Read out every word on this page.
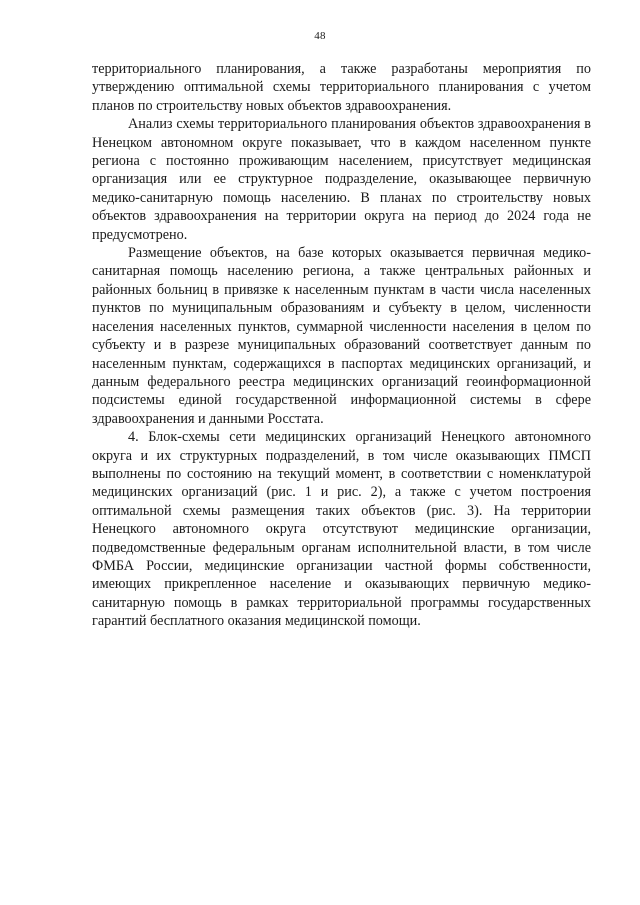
48

территориального планирования, а также разработаны мероприятия по утверждению оптимальной схемы территориального планирования с учетом планов по строительству новых объектов здравоохранения.

Анализ схемы территориального планирования объектов здравоохранения в Ненецком автономном округе показывает, что в каждом населенном пункте региона с постоянно проживающим населением, присутствует медицинская организация или ее структурное подразделение, оказывающее первичную медико-санитарную помощь населению. В планах по строительству новых объектов здравоохранения на территории округа на период до 2024 года не предусмотрено.

Размещение объектов, на базе которых оказывается первичная медико-санитарная помощь населению региона, а также центральных районных и районных больниц в привязке к населенным пунктам в части числа населенных пунктов по муниципальным образованиям и субъекту в целом, численности населения населенных пунктов, суммарной численности населения в целом по субъекту и в разрезе муниципальных образований соответствует данным по населенным пунктам, содержащихся в паспортах медицинских организаций, и данным федерального реестра медицинских организаций геоинформационной подсистемы единой государственной информационной системы в сфере здравоохранения и данными Росстата.

4. Блок-схемы сети медицинских организаций Ненецкого автономного округа и их структурных подразделений, в том числе оказывающих ПМСП выполнены по состоянию на текущий момент, в соответствии с номенклатурой медицинских организаций (рис. 1 и рис. 2), а также с учетом построения оптимальной схемы размещения таких объектов (рис. 3). На территории Ненецкого автономного округа отсутствуют медицинские организации, подведомственные федеральным органам исполнительной власти, в том числе ФМБА России, медицинские организации частной формы собственности, имеющих прикрепленное население и оказывающих первичную медико-санитарную помощь в рамках территориальной программы государственных гарантий бесплатного оказания медицинской помощи.
